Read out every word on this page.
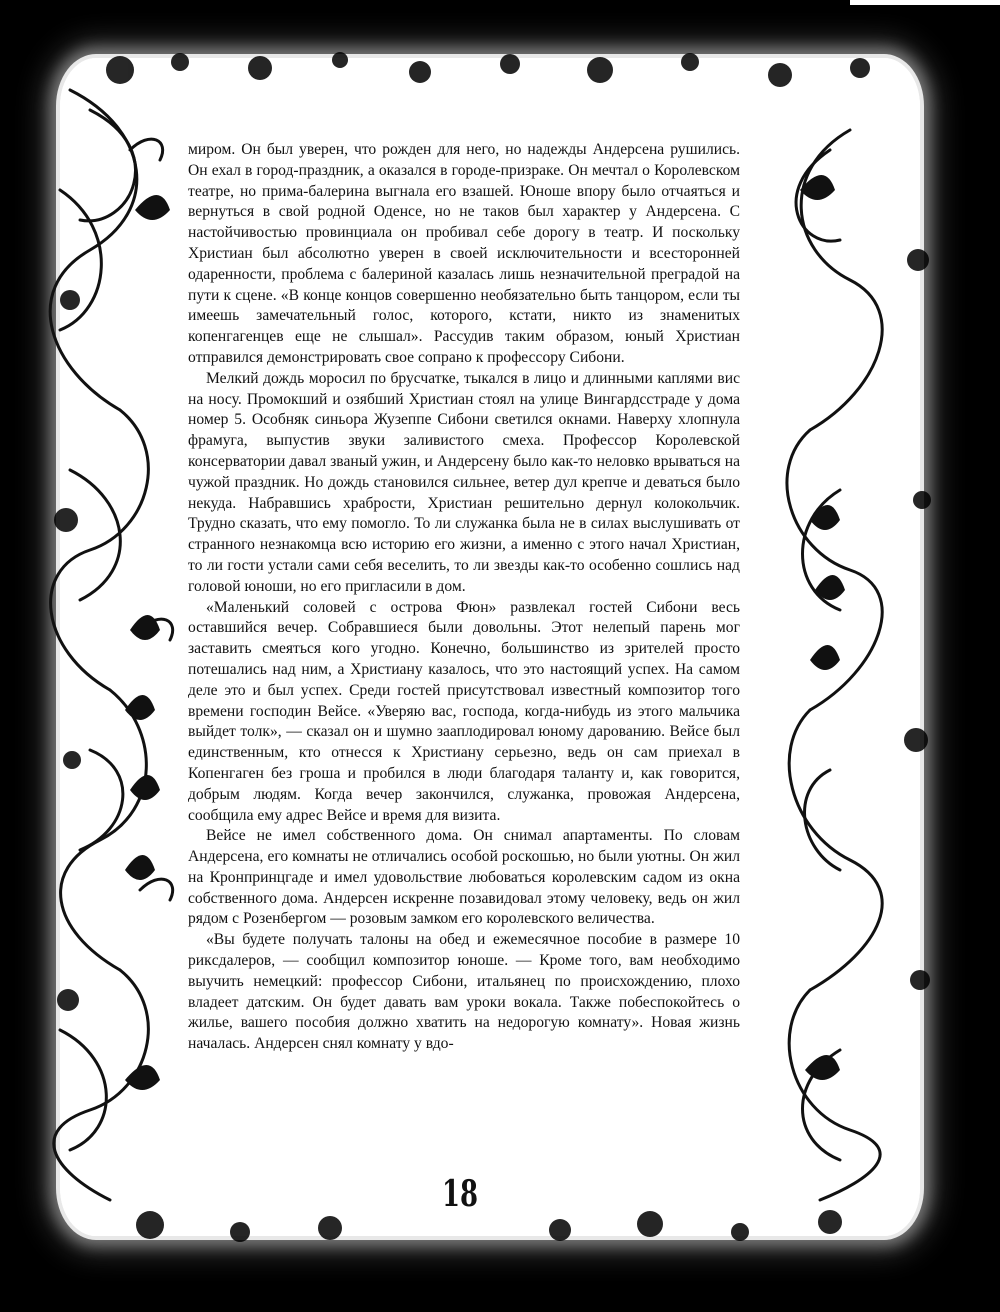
миром. Он был уверен, что рожден для него, но надежды Андерсена рушились. Он ехал в город-праздник, а оказался в городе-призраке. Он мечтал о Королевском театре, но прима-балерина выгнала его взашей. Юноше впору было отчаяться и вернуться в свой родной Оденсе, но не таков был характер у Андерсена. С настойчивостью провинциала он пробивал себе дорогу в театр. И поскольку Христиан был абсолютно уверен в своей исключительности и всесторонней одаренности, проблема с балериной казалась лишь незначительной преградой на пути к сцене. «В конце концов совершенно необязательно быть танцором, если ты имеешь замечательный голос, которого, кстати, никто из знаменитых копенгагенцев еще не слышал». Рассудив таким образом, юный Христиан отправился демонстрировать свое сопрано к профессору Сибони.

Мелкий дождь моросил по брусчатке, тыкался в лицо и длинными каплями вис на носу. Промокший и озябший Христиан стоял на улице Вингардсстраде у дома номер 5. Особняк синьора Жузеппе Сибони светился окнами. Наверху хлопнула фрамуга, выпустив звуки заливистого смеха. Профессор Королевской консерватории давал званый ужин, и Андерсену было как-то неловко врываться на чужой праздник. Но дождь становился сильнее, ветер дул крепче и деваться было некуда. Набравшись храбрости, Христиан решительно дернул колокольчик. Трудно сказать, что ему помогло. То ли служанка была не в силах выслушивать от странного незнакомца всю историю его жизни, а именно с этого начал Христиан, то ли гости устали сами себя веселить, то ли звезды как-то особенно сошлись над головой юноши, но его пригласили в дом.

«Маленький соловей с острова Фюн» развлекал гостей Сибони весь оставшийся вечер. Собравшиеся были довольны. Этот нелепый парень мог заставить смеяться кого угодно. Конечно, большинство из зрителей просто потешались над ним, а Христиану казалось, что это настоящий успех. На самом деле это и был успех. Среди гостей присутствовал известный композитор того времени господин Вейсе. «Уверяю вас, господа, когда-нибудь из этого мальчика выйдет толк», — сказал он и шумно зааплодировал юному дарованию. Вейсе был единственным, кто отнесся к Христиану серьезно, ведь он сам приехал в Копенгаген без гроша и пробился в люди благодаря таланту и, как говорится, добрым людям. Когда вечер закончился, служанка, провожая Андерсена, сообщила ему адрес Вейсе и время для визита.

Вейсе не имел собственного дома. Он снимал апартаменты. По словам Андерсена, его комнаты не отличались особой роскошью, но были уютны. Он жил на Кронпринцгаде и имел удовольствие любоваться королевским садом из окна собственного дома. Андерсен искренне позавидовал этому человеку, ведь он жил рядом с Розенбергом — розовым замком его королевского величества.

«Вы будете получать талоны на обед и ежемесячное пособие в размере 10 рикcдалеров, — сообщил композитор юноше. — Кроме того, вам необходимо выучить немецкий: профессор Сибони, итальянец по происхождению, плохо владеет датским. Он будет давать вам уроки вокала. Также побеспокойтесь о жилье, вашего пособия должно хватить на недорогую комнату». Новая жизнь началась. Андерсен снял комнату у вдо-

18
